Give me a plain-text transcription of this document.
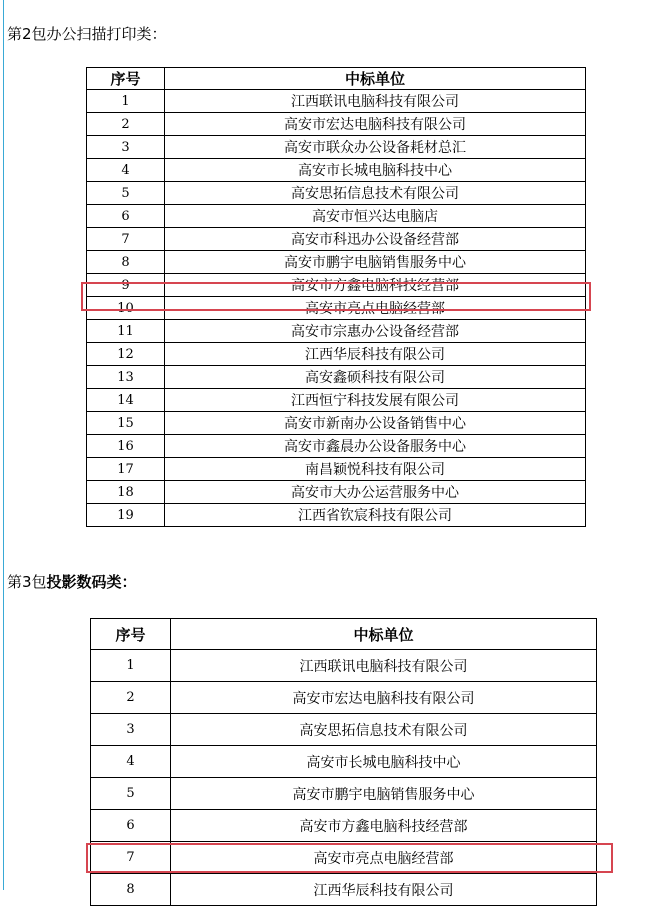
第2包办公扫描打印类：
序号	中标单位
1	江西联讯电脑科技有限公司
2	高安市宏达电脑科技有限公司
3	高安市联众办公设备耗材总汇
4	高安市长城电脑科技中心
5	高安思拓信息技术有限公司
6	高安市恒兴达电脑店
7	高安市科迅办公设备经营部
8	高安市鹏宇电脑销售服务中心
9	高安市方鑫电脑科技经营部
10	高安市亮点电脑经营部
11	高安市宗惠办公设备经营部
12	江西华辰科技有限公司
13	高安鑫硕科技有限公司
14	江西恒宁科技发展有限公司
15	高安市新南办公设备销售中心
16	高安市鑫晨办公设备服务中心
17	南昌颖悦科技有限公司
18	高安市大办公运营服务中心
19	江西省钦宸科技有限公司
第3包投影数码类：
序号	中标单位
1	江西联讯电脑科技有限公司
2	高安市宏达电脑科技有限公司
3	高安思拓信息技术有限公司
4	高安市长城电脑科技中心
5	高安市鹏宇电脑销售服务中心
6	高安市方鑫电脑科技经营部
7	高安市亮点电脑经营部
8	江西华辰科技有限公司
